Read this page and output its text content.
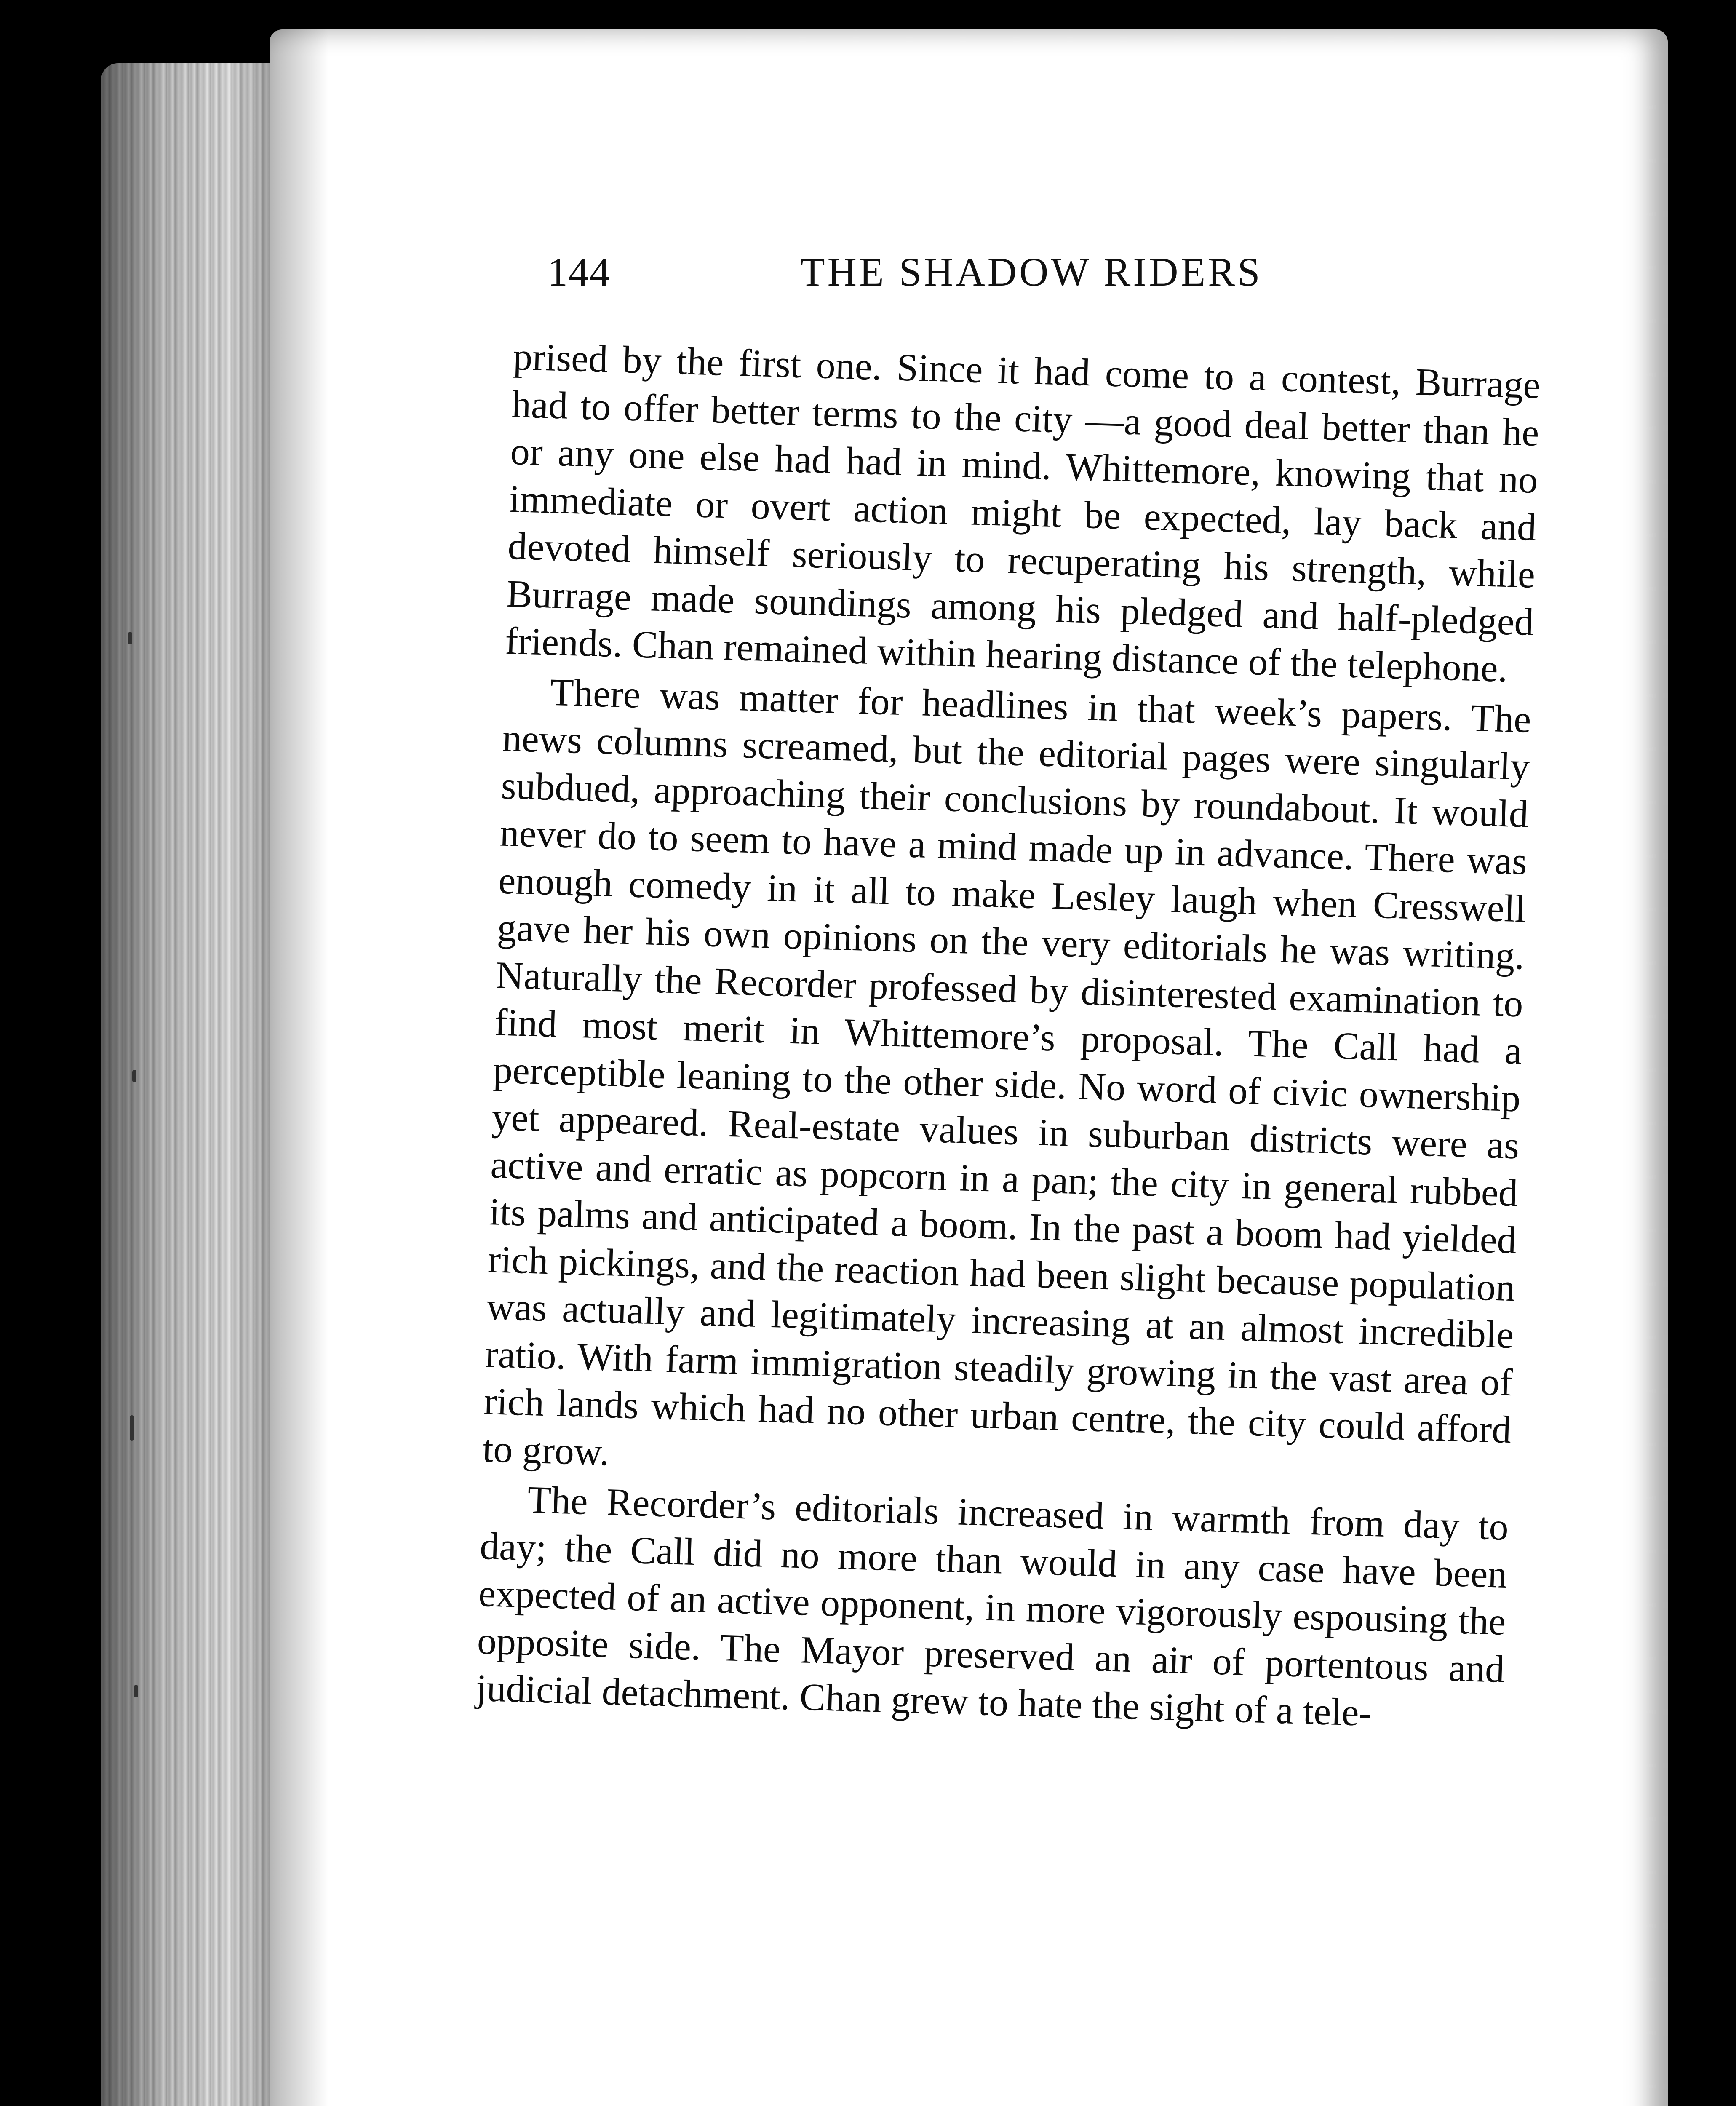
144	THE SHADOW RIDERS

prised by the first one. Since it had come to a contest, Burrage had to offer better terms to the city —a good deal better than he or any one else had had in mind. Whittemore, knowing that no immediate or overt action might be expected, lay back and devoted himself seriously to recuperating his strength, while Burrage made soundings among his pledged and half-pledged friends. Chan remained within hearing distance of the telephone.

There was matter for headlines in that week’s papers. The news columns screamed, but the editorial pages were singularly subdued, approaching their conclusions by roundabout. It would never do to seem to have a mind made up in advance. There was enough comedy in it all to make Lesley laugh when Cresswell gave her his own opinions on the very editorials he was writing. Naturally the Recorder professed by disinterested examination to find most merit in Whittemore’s proposal. The Call had a perceptible leaning to the other side. No word of civic ownership yet appeared. Real-estate values in suburban districts were as active and erratic as popcorn in a pan; the city in general rubbed its palms and anticipated a boom. In the past a boom had yielded rich pickings, and the reaction had been slight because population was actually and legitimately increasing at an almost incredible ratio. With farm immigration steadily growing in the vast area of rich lands which had no other urban centre, the city could afford to grow.

The Recorder’s editorials increased in warmth from day to day; the Call did no more than would in any case have been expected of an active opponent, in more vigorously espousing the opposite side. The Mayor preserved an air of portentous and judicial detachment. Chan grew to hate the sight of a tele-
